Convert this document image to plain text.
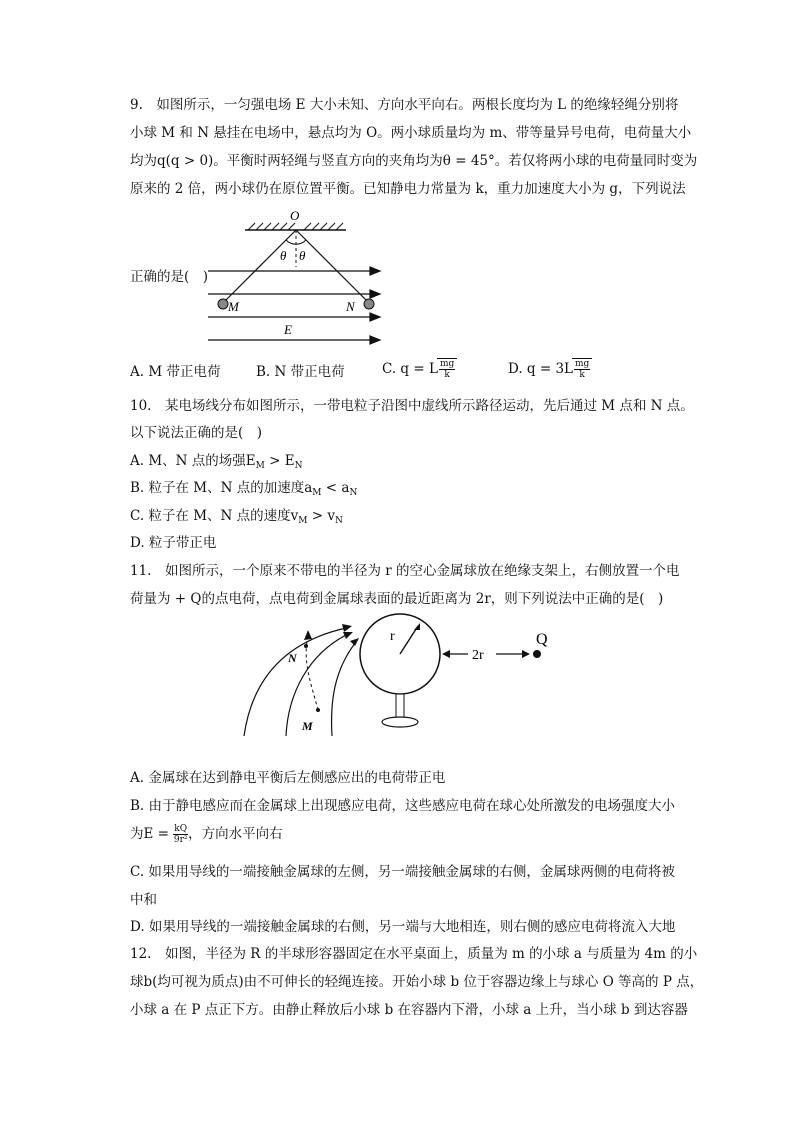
9.　如图所示，一匀强电场 E 大小未知、方向水平向右。两根长度均为 L 的绝缘轻绳分别将
小球 M 和 N 悬挂在电场中，悬点均为 O。两小球质量均为 m、带等量异号电荷，电荷量大小
均为q(q > 0)。平衡时两轻绳与竖直方向的夹角均为θ = 45°。若仅将两小球的电荷量同时变为
原来的 2 倍，两小球仍在原位置平衡。已知静电力常量为 k，重力加速度大小为 g，下列说法
正确的是(　)
O
θ θ
M	N
E
A. M 带正电荷	B. N 带正电荷	C. q = L $\frac{mg}{k}$	D. $q = 3L \frac{mg}{k}$
10.　某电场线分布如图所示，一带电粒子沿图中虚线所示路径运动，先后通过 M 点和 N 点。
以下说法正确的是(　)
A. M、N 点的场强$E_M > E_N$
B. 粒子在 M、N 点的加速度$a_M < a_N$
C. 粒子在 M、N 点的速度$v_M > v_N$
D. 粒子带正电
11.　如图所示，一个原来不带电的半径为 r 的空心金属球放在绝缘支架上，右侧放置一个电
荷量为 + Q的点电荷，点电荷到金属球表面的最近距离为 2r，则下列说法中正确的是(　)
N
M
r
2r
Q
A. 金属球在达到静电平衡后左侧感应出的电荷带正电
B. 由于静电感应而在金属球上出现感应电荷，这些感应电荷在球心处所激发的电场强度大小
为$E = \frac{kQ}{\text{9r²}}$ ，方向水平向右
C. 如果用导线的一端接触金属球的左侧，另一端接触金属球的右侧，金属球两侧的电荷将被
中和
D. 如果用导线的一端接触金属球的右侧，另一端与大地相连，则右侧的感应电荷将流入大地
12.　如图，半径为 R 的半球形容器固定在水平桌面上，质量为 m 的小球 a 与质量为 4m 的小
球b(均可视为质点)由不可伸长的轻绳连接。开始小球 b 位于容器边缘上与球心 O 等高的 P 点，
小球 a 在 P 点正下方。由静止释放后小球 b 在容器内下滑，小球 a 上升，当小球 b 到达容器
